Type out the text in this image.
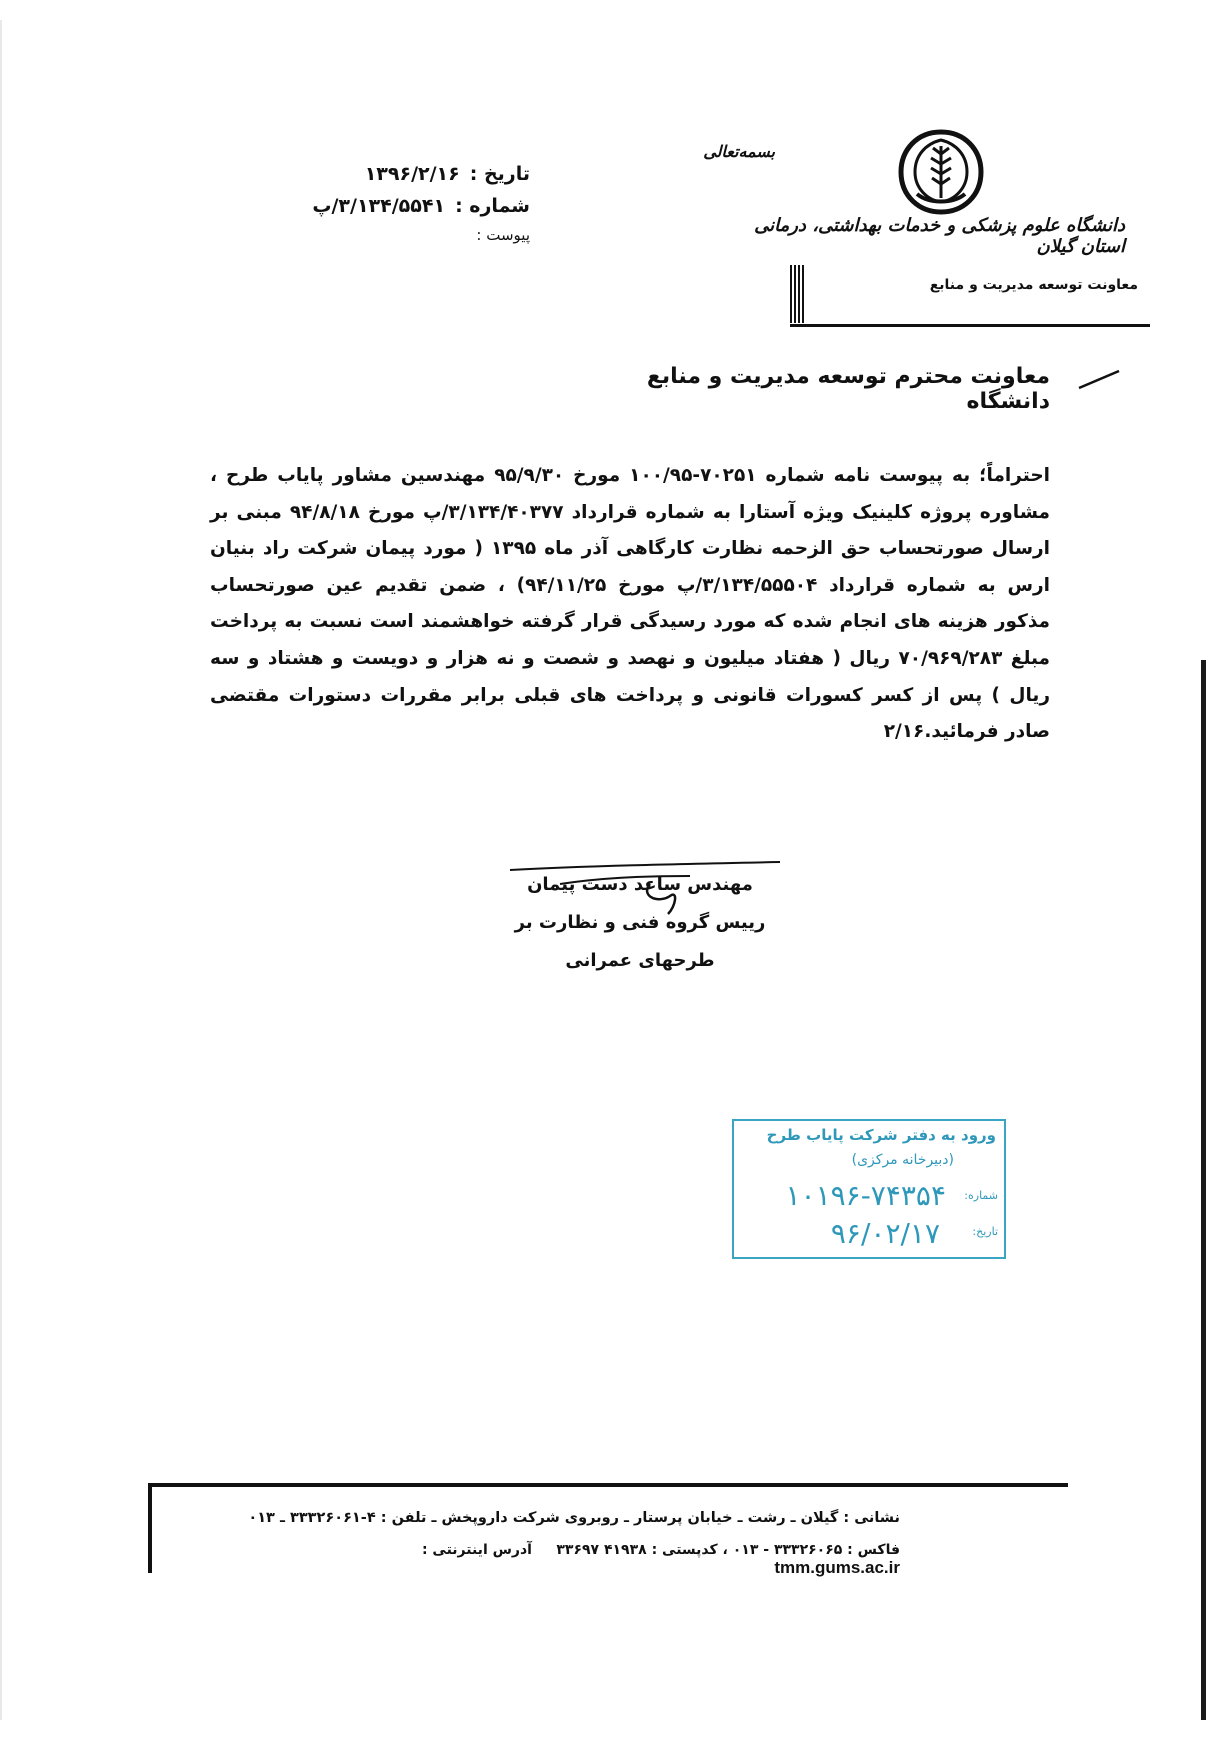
تاریخ :
۱۳۹۶/۲/۱۶
شماره :
۳/۱۳۴/۵۵۴۱/پ
پیوست :
بسمه‌تعالی
دانشگاه علوم پزشکی و خدمات بهداشتی، درمانی استان گیلان
معاونت توسعه مدیریت و منابع
معاونت محترم توسعه مدیریت و منابع دانشگاه

احتراماً؛ به پیوست نامه شماره ۷۰۲۵۱-۱۰۰/۹۵ مورخ ۹۵/۹/۳۰ مهندسین مشاور پایاب طرح ، مشاوره پروژه کلینیک ویژه آستارا به شماره قرارداد ۳/۱۳۴/۴۰۳۷۷/پ مورخ ۹۴/۸/۱۸ مبنی بر ارسال صورتحساب حق الزحمه نظارت کارگاهی آذر ماه ۱۳۹۵ ( مورد پیمان شرکت راد بنیان ارس به شماره قرارداد ۳/۱۳۴/۵۵۵۰۴/پ مورخ ۹۴/۱۱/۲۵) ، ضمن تقدیم عین صورتحساب مذکور هزینه های انجام شده که مورد رسیدگی قرار گرفته خواهشمند است نسبت به پرداخت مبلغ ۷۰/۹۶۹/۲۸۳ ریال ( هفتاد میلیون و نهصد و شصت و نه هزار و دویست و هشتاد و سه ریال ) پس از کسر کسورات قانونی و پرداخت های قبلی برابر مقررات دستورات مقتضی صادر فرمائید.۲/۱۶

مهندس ساعد دست پیمان
رییس گروه فنی و نظارت بر
طرحهای عمرانی
ورود به دفتر شرکت پایاب طرح
(دبیرخانه مرکزی)
شماره:
۱۰۱۹۶-۷۴۳۵۴
تاریخ:
۹۶/۰۲/۱۷
نشانی : گیلان ـ رشت ـ خیابان پرستار ـ روبروی شرکت داروپخش ـ تلفن : ۴-۳۳۳۲۶۰۶۱ ـ ۰۱۳
فاکس : ۳۳۳۲۶۰۶۵ - ۰۱۳ ، کدپستی : ۴۱۹۳۸ ۳۳۶۹۷     آدرس اینترنتی : tmm.gums.ac.ir
